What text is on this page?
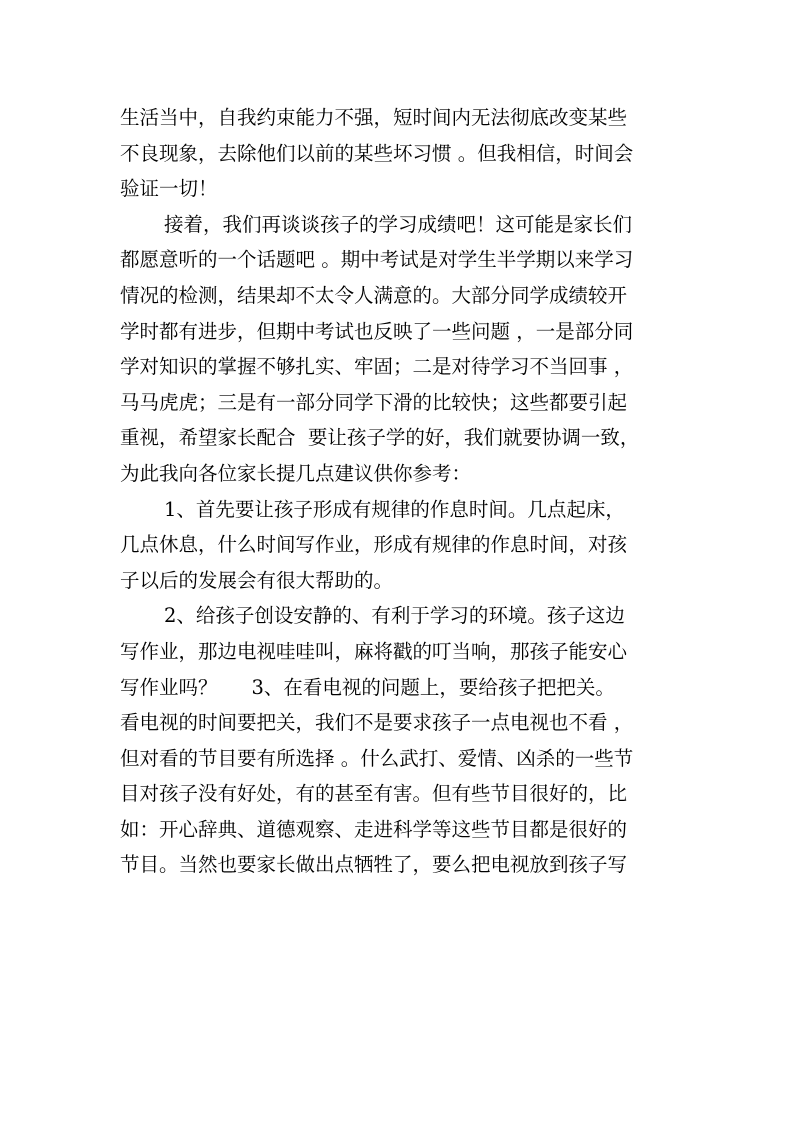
生活当中，自我约束能力不强，短时间内无法彻底改变某些
不良现象，去除他们以前的某些坏习惯 。但我相信，时间会
验证一切！
接着，我们再谈谈孩子的学习成绩吧！这可能是家长们
都愿意听的一个话题吧 。期中考试是对学生半学期以来学习
情况的检测，结果却不太令人满意的。大部分同学成绩较开
学时都有进步，但期中考试也反映了一些问题 ，一是部分同
学对知识的掌握不够扎实、牢固；二是对待学习不当回事 ，
马马虎虎；三是有一部分同学下滑的比较快；这些都要引起
重视，希望家长配合  要让孩子学的好，我们就要协调一致，
为此我向各位家长提几点建议供你参考：
1、首先要让孩子形成有规律的作息时间。几点起床，
几点休息，什么时间写作业，形成有规律的作息时间，对孩
子以后的发展会有很大帮助的。
2、给孩子创设安静的、有利于学习的环境。孩子这边
写作业，那边电视哇哇叫，麻将戳的叮当响，那孩子能安心
写作业吗？ 3、在看电视的问题上，要给孩子把把关。
看电视的时间要把关，我们不是要求孩子一点电视也不看 ，
但对看的节目要有所选择 。什么武打、爱情、凶杀的一些节
目对孩子没有好处，有的甚至有害。但有些节目很好的，比
如：开心辞典、道德观察、走进科学等这些节目都是很好的
节目。当然也要家长做出点牺牲了，要么把电视放到孩子写
